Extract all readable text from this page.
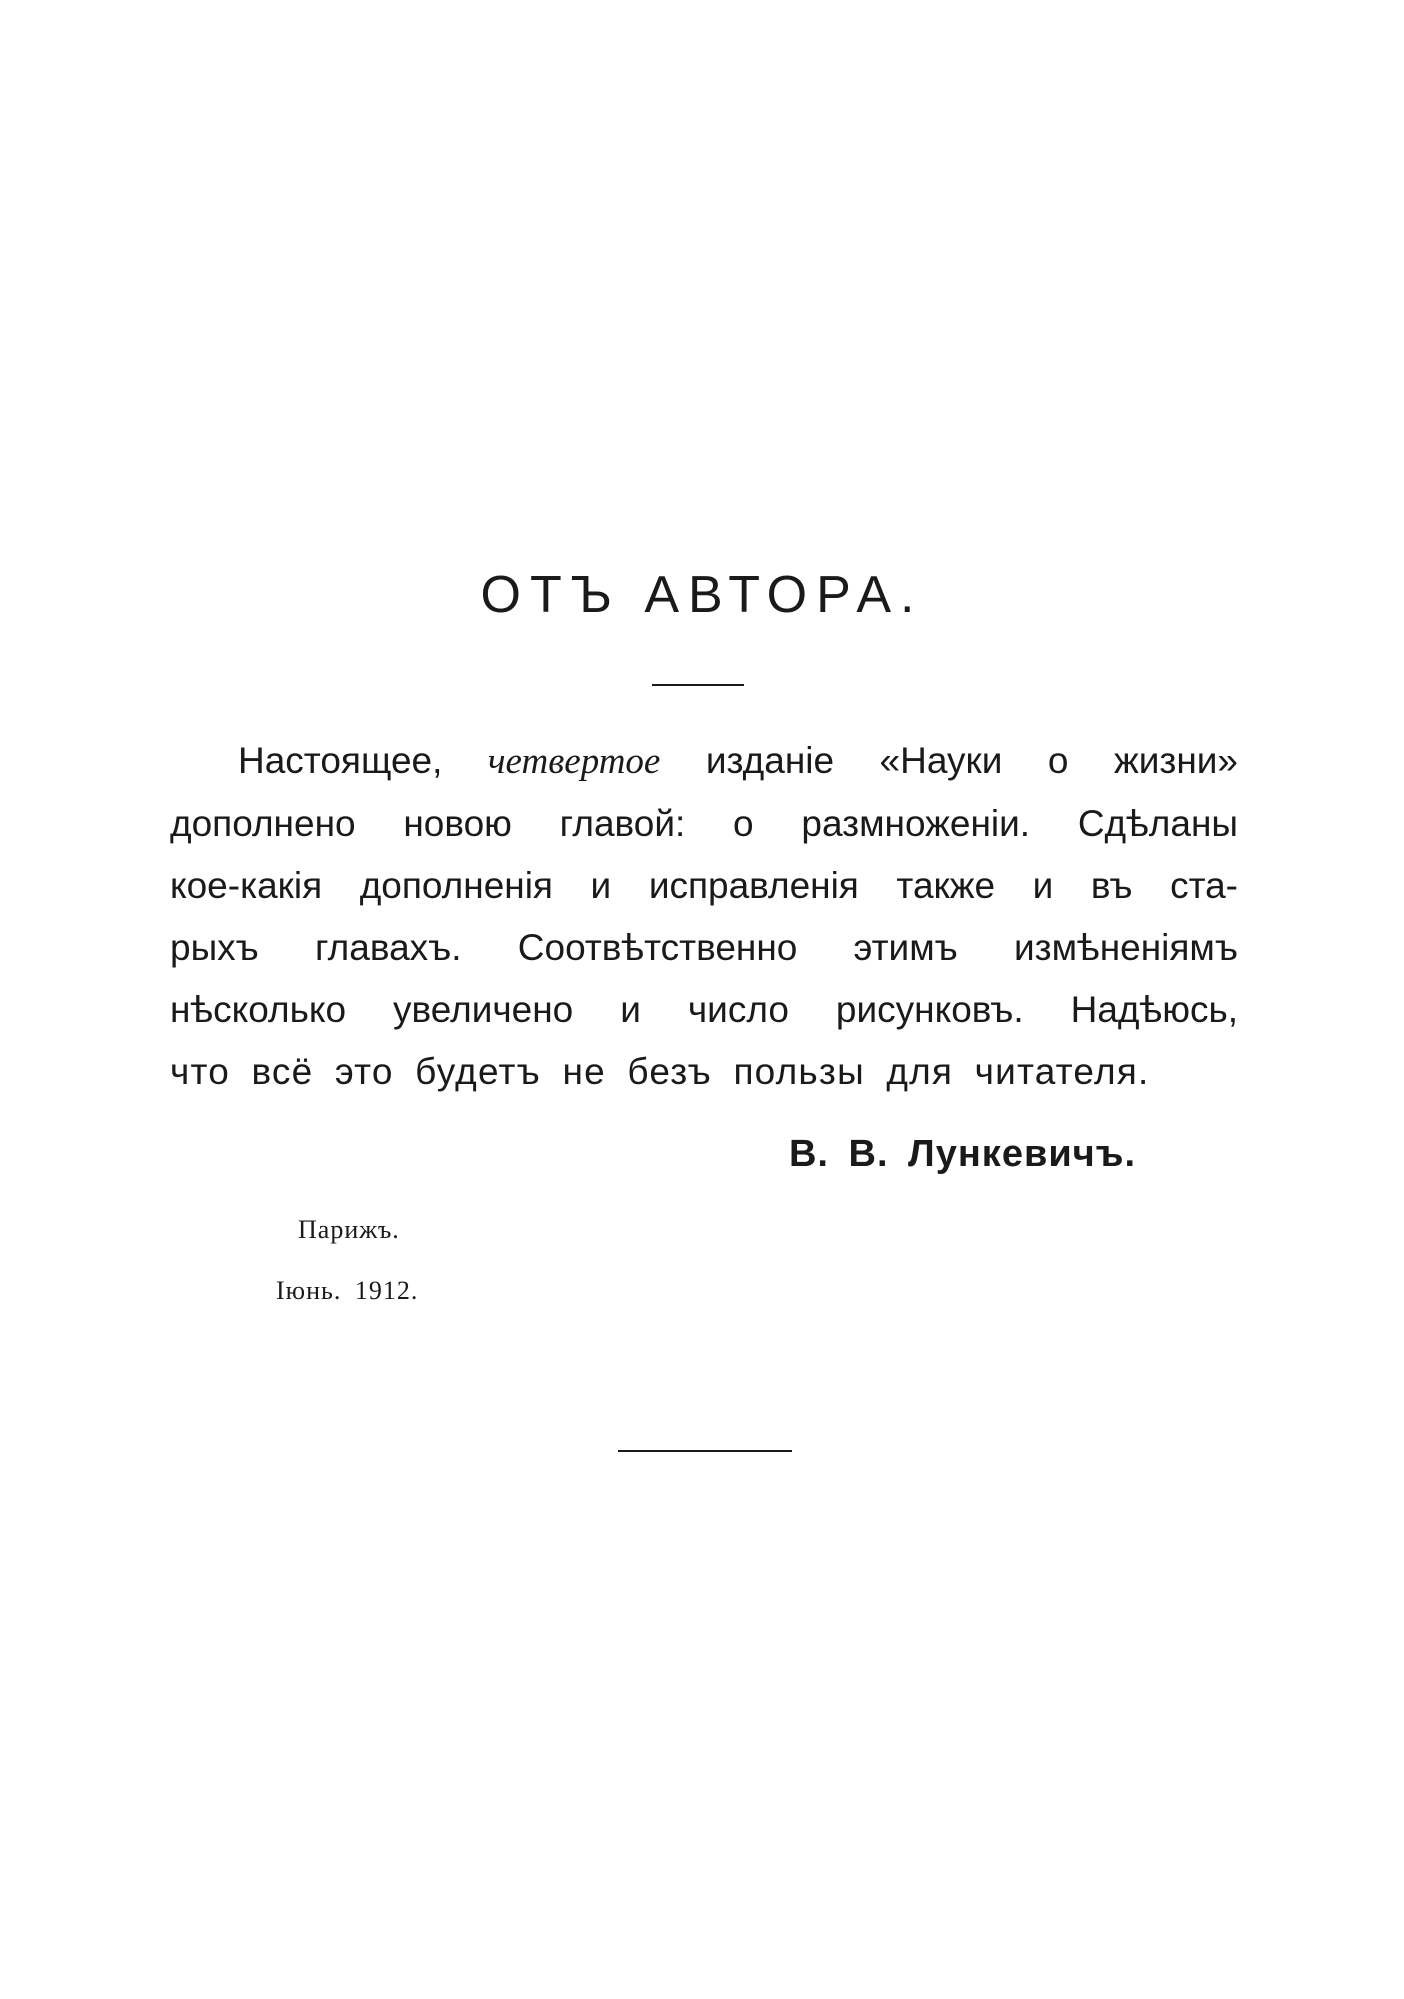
ОТЪ АВТОРА.
Настоящее, четвертое изданіе «Науки о жизни»
дополнено новою главой: о размноженіи. Сдѣланы
кое-какія дополненія и исправленія также и въ ста-
рыхъ главахъ. Соотвѣтственно этимъ измѣненіямъ
нѣсколько увеличено и число рисунковъ. Надѣюсь,
что всё это будетъ не безъ пользы для читателя.
В. В. Лункевичъ.
Парижъ.
Іюнь. 1912.
